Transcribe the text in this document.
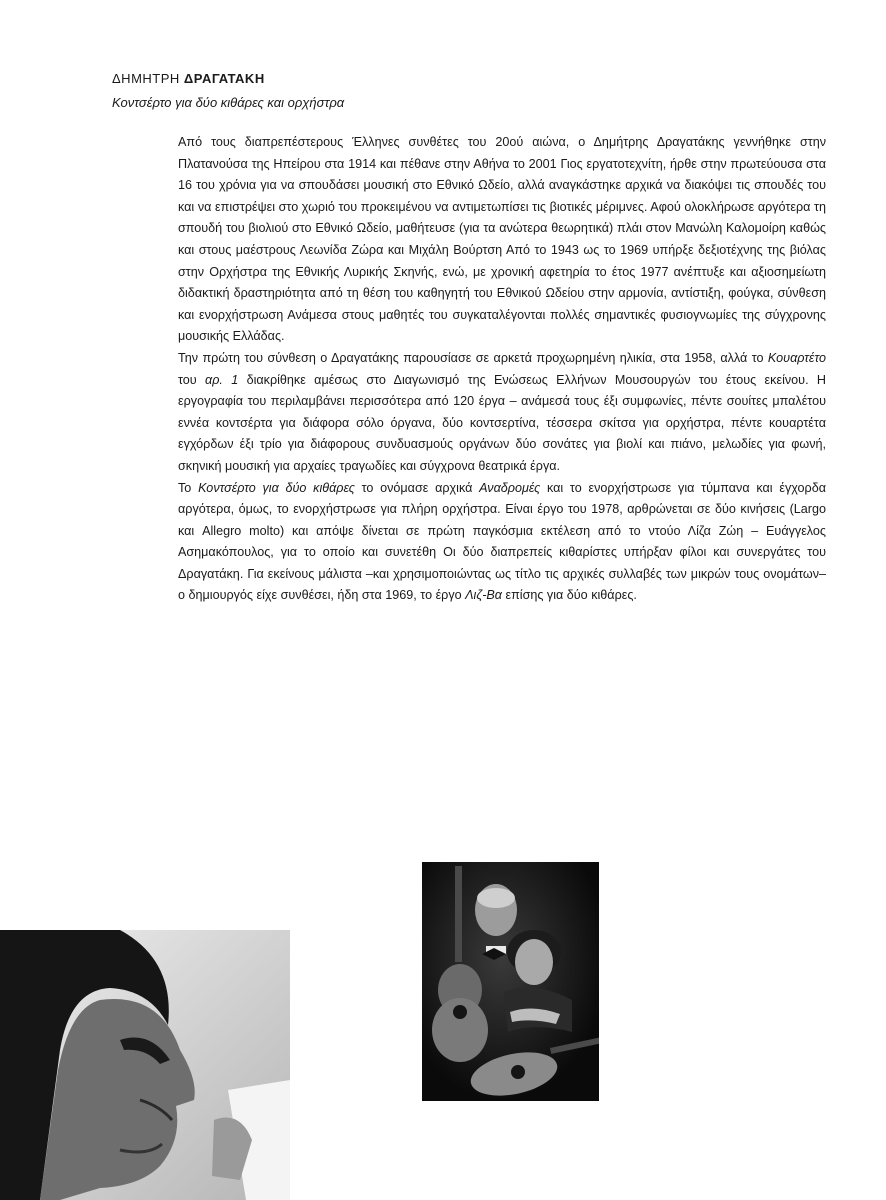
ΔΗΜΗΤΡΗ ΔΡΑΓΑΤΑΚΗ
Κοντσέρτο για δύο κιθάρες και ορχήστρα

Από τους διαπρεπέστερους Έλληνες συνθέτες του 20ού αιώνα, ο Δημήτρης Δραγατάκης γεννήθηκε στην Πλατανούσα της Ηπείρου στα 1914 και πέθανε στην Αθήνα το 2001 Γιος εργατοτεχνίτη, ήρθε στην πρωτεύουσα στα 16 του χρόνια για να σπουδάσει μουσική στο Εθνικό Ωδείο, αλλά αναγκάστηκε αρχικά να διακόψει τις σπουδές του και να επιστρέψει στο χωριό του προκειμένου να αντιμετωπίσει τις βιοτικές μέριμνες. Αφού ολοκλήρωσε αργότερα τη σπουδή του βιολιού στο Εθνικό Ωδείο, μαθήτευσε (για τα ανώτερα θεωρητικά) πλάι στον Μανώλη Καλομοίρη καθώς και στους μαέστρους Λεωνίδα Ζώρα και Μιχάλη Βούρτση Από το 1943 ως το 1969 υπήρξε δεξιοτέχνης της βιόλας στην Ορχήστρα της Εθνικής Λυρικής Σκηνής, ενώ, με χρονική αφετηρία το έτος 1977 ανέπτυξε και αξιοσημείωτη διδακτική δραστηριότητα από τη θέση του καθηγητή του Εθνικού Ωδείου στην αρμονία, αντίστιξη, φούγκα, σύνθεση και ενορχήστρωση Ανάμεσα στους μαθητές του συγκαταλέγονται πολλές σημαντικές φυσιογνωμίες της σύγχρονης μουσικής Ελλάδας.

Την πρώτη του σύνθεση ο Δραγατάκης παρουσίασε σε αρκετά προχωρημένη ηλικία, στα 1958, αλλά το Κουαρτέτο του αρ. 1 διακρίθηκε αμέσως στο Διαγωνισμό της Ενώσεως Ελλήνων Μουσουργών του έτους εκείνου. Η εργογραφία του περιλαμβάνει περισσότερα από 120 έργα – ανάμεσά τους έξι συμφωνίες, πέντε σουίτες μπαλέτου εννέα κοντσέρτα για διάφορα σόλο όργανα, δύο κοντσερτίνα, τέσσερα σκίτσα για ορχήστρα, πέντε κουαρτέτα εγχόρδων έξι τρίο για διάφορους συνδυασμούς οργάνων δύο σονάτες για βιολί και πιάνο, μελωδίες για φωνή, σκηνική μουσική για αρχαίες τραγωδίες και σύγχρονα θεατρικά έργα.

Το Κοντσέρτο για δύο κιθάρες το ονόμασε αρχικά Αναδρομές και το ενορχήστρωσε για τύμπανα και έγχορδα αργότερα, όμως, το ενορχήστρωσε για πλήρη ορχήστρα. Είναι έργο του 1978, αρθρώνεται σε δύο κινήσεις (Largo και Allegro molto) και απόψε δίνεται σε πρώτη παγκόσμια εκτέλεση από το ντούο Λίζα Ζώη – Ευάγγελος Ασημακόπουλος, για το οποίο και συνετέθη Οι δύο διαπρεπείς κιθαρίστες υπήρξαν φίλοι και συνεργάτες του Δραγατάκη. Για εκείνους μάλιστα –και χρησιμοποιώντας ως τίτλο τις αρχικές συλλαβές των μικρών τους ονομάτων– ο δημιουργός είχε συνθέσει, ήδη στα 1969, το έργο Λιζ-Βα επίσης για δύο κιθάρες.
